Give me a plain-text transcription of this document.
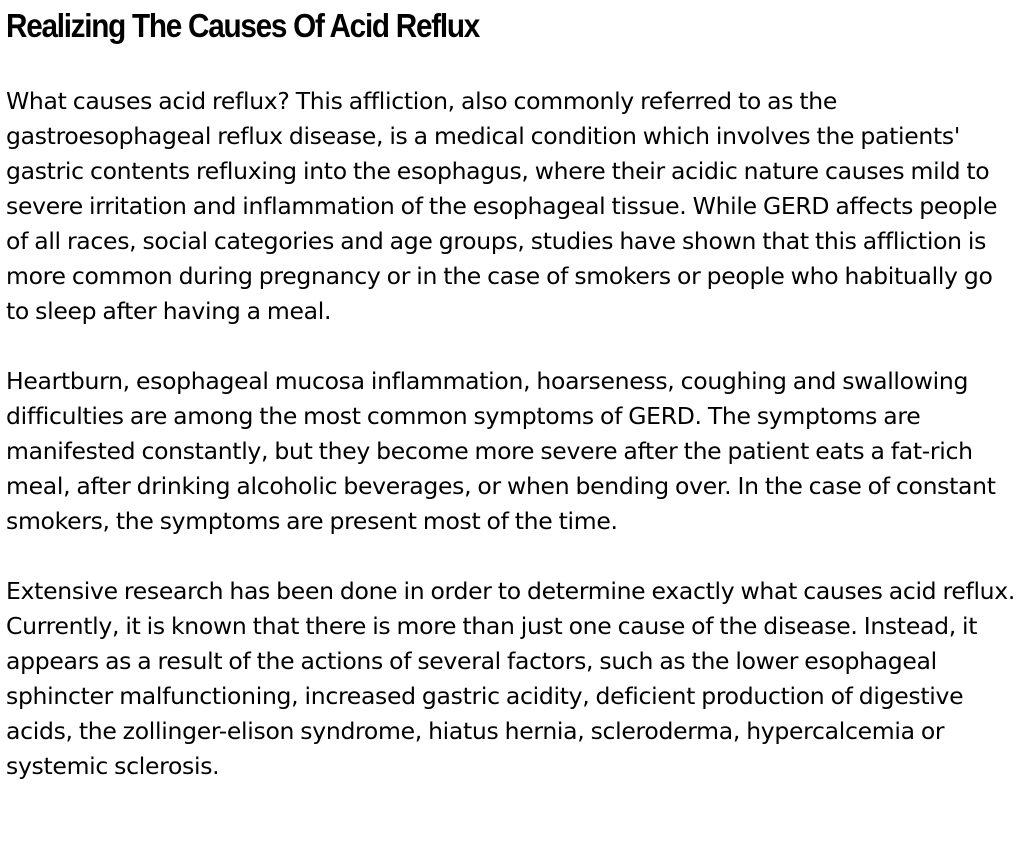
Realizing The Causes Of Acid Reflux

What causes acid reflux? This affliction, also commonly referred to as the gastroesophageal reflux disease, is a medical condition which involves the patients' gastric contents refluxing into the esophagus, where their acidic nature causes mild to severe irritation and inflammation of the esophageal tissue. While GERD affects people of all races, social categories and age groups, studies have shown that this affliction is more common during pregnancy or in the case of smokers or people who habitually go to sleep after having a meal.

Heartburn, esophageal mucosa inflammation, hoarseness, coughing and swallowing difficulties are among the most common symptoms of GERD. The symptoms are manifested constantly, but they become more severe after the patient eats a fat-rich meal, after drinking alcoholic beverages, or when bending over. In the case of constant smokers, the symptoms are present most of the time.

Extensive research has been done in order to determine exactly what causes acid reflux. Currently, it is known that there is more than just one cause of the disease. Instead, it appears as a result of the actions of several factors, such as the lower esophageal sphincter malfunctioning, increased gastric acidity, deficient production of digestive acids, the zollinger-elison syndrome, hiatus hernia, scleroderma, hypercalcemia or systemic sclerosis.
